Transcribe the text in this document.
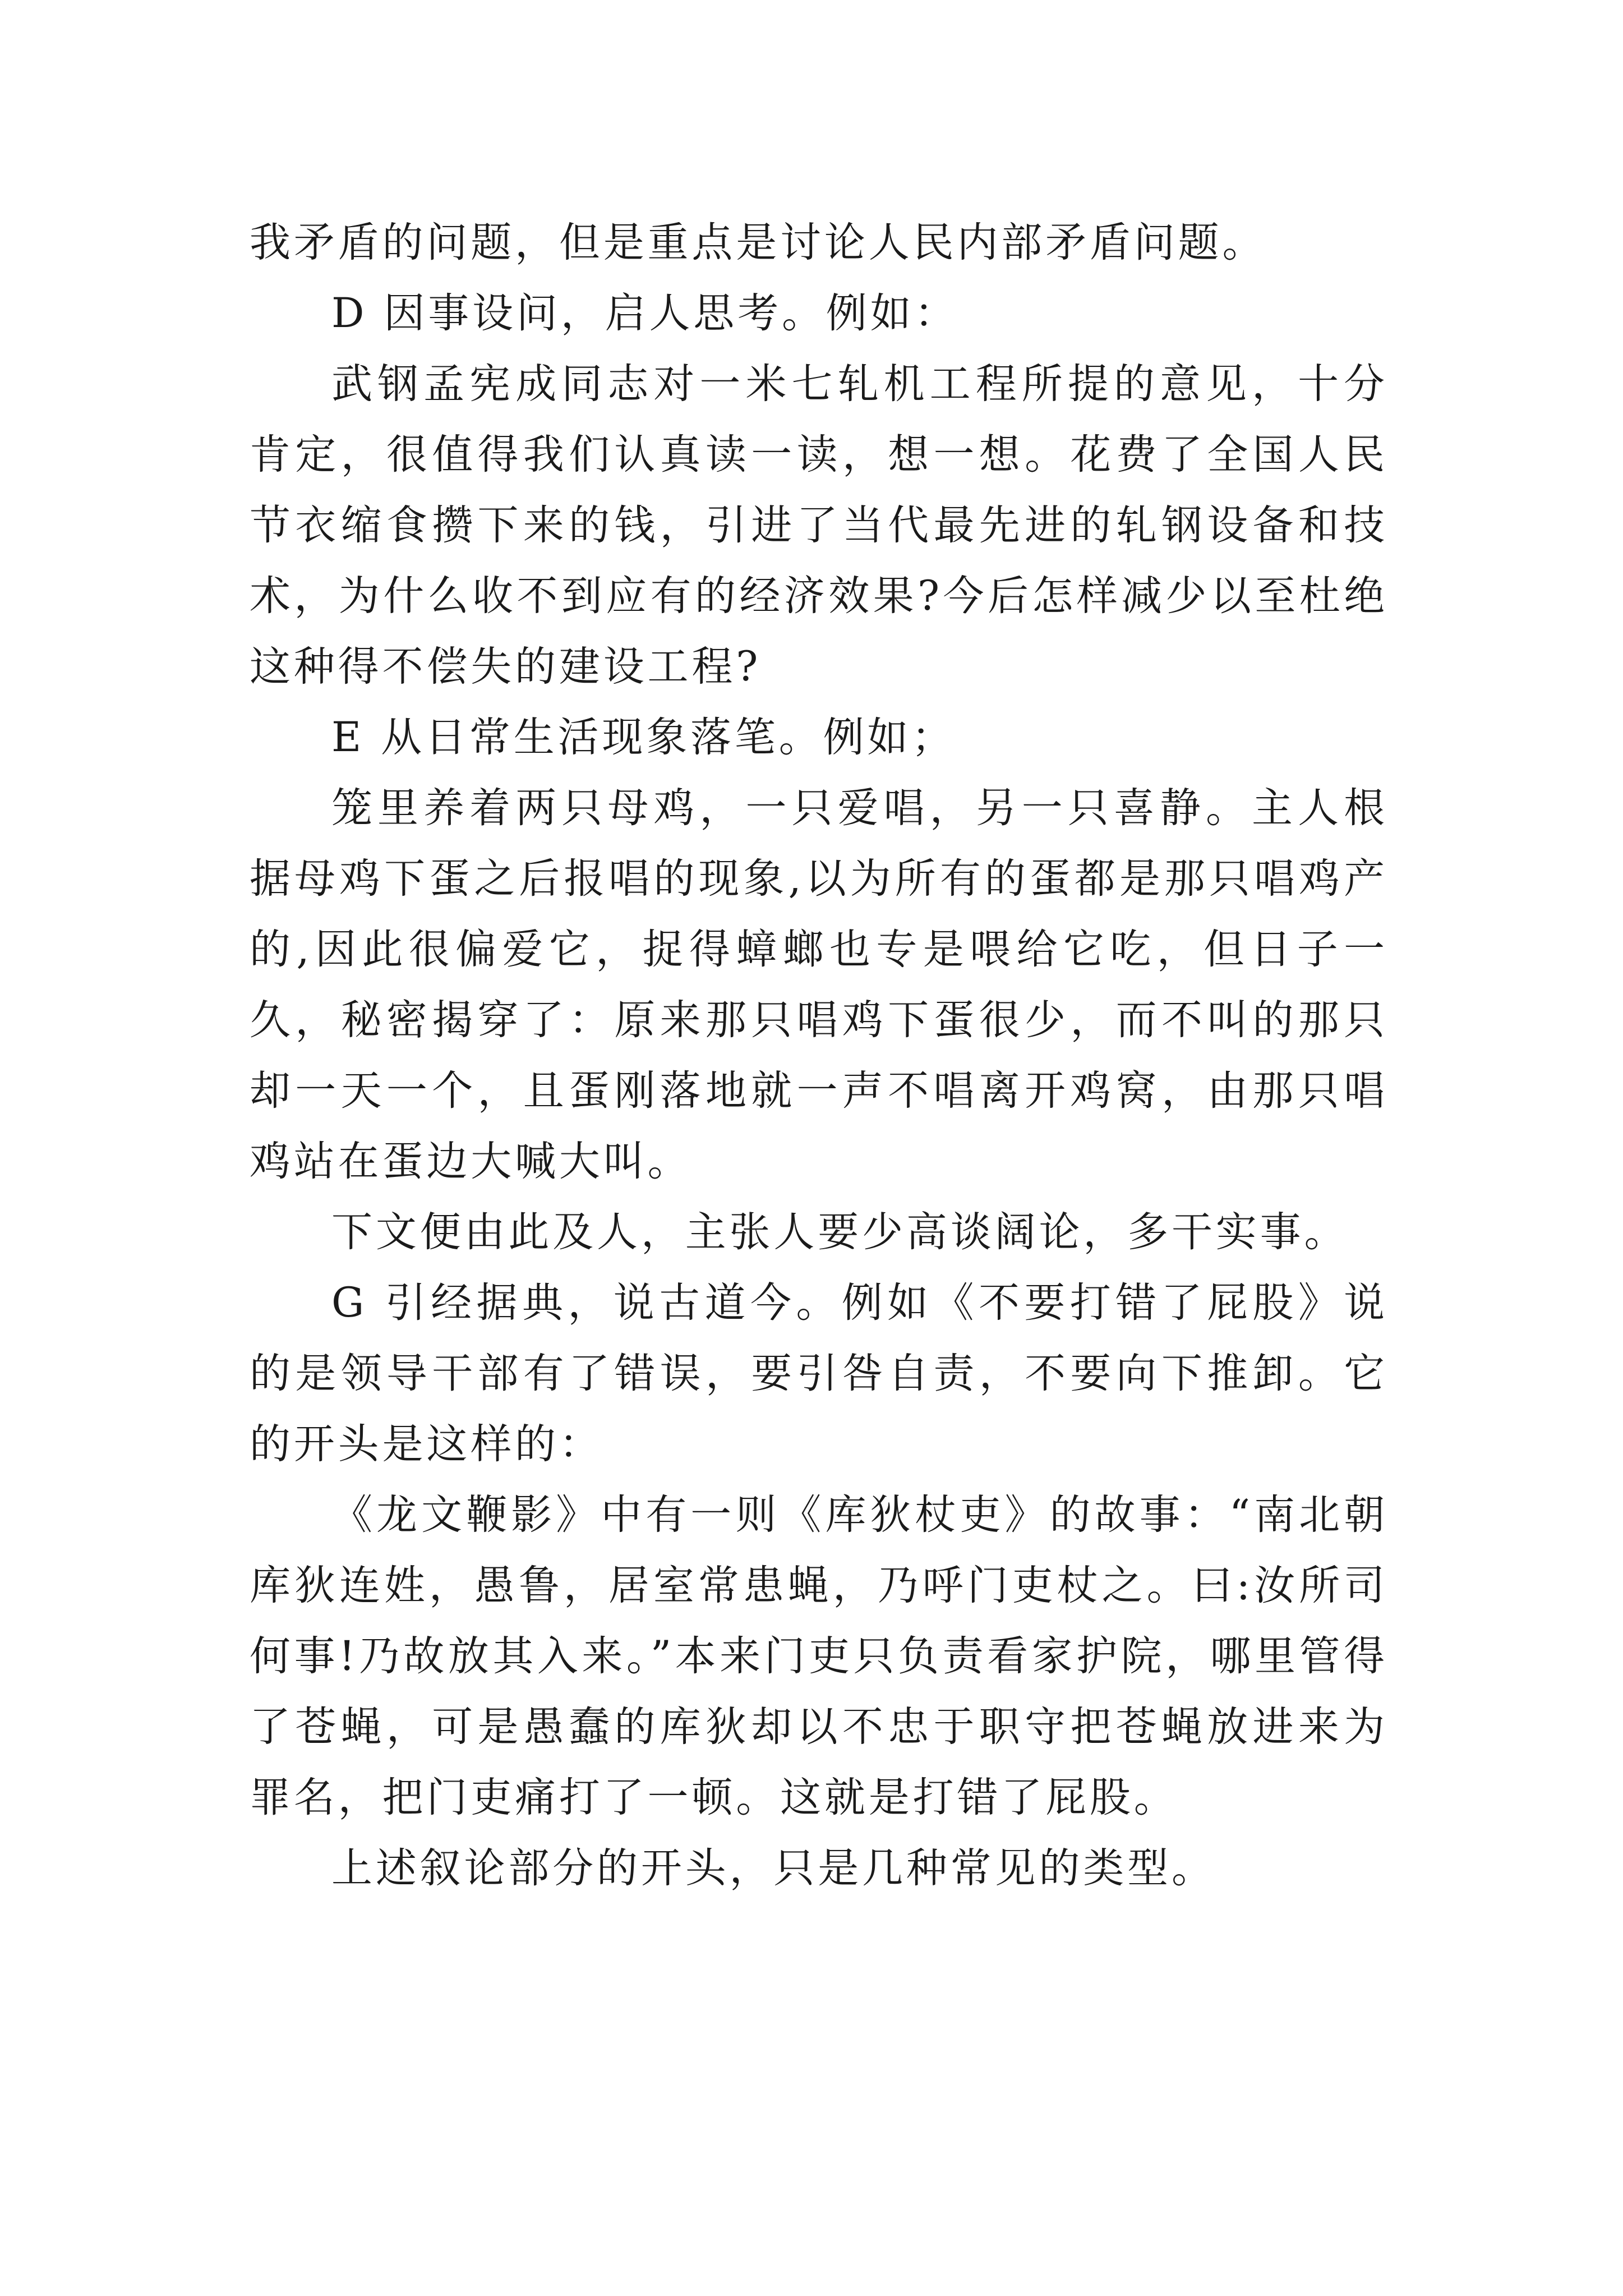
我矛盾的问题，但是重点是讨论人民内部矛盾问题。

D 因事设问，启人思考。例如：

武钢孟宪成同志对一米七轧机工程所提的意见，十分肯定，很值得我们认真读一读，想一想。花费了全国人民节衣缩食攒下来的钱，引进了当代最先进的轧钢设备和技术，为什么收不到应有的经济效果?今后怎样减少以至杜绝这种得不偿失的建设工程?

E 从日常生活现象落笔。例如；

笼里养着两只母鸡，一只爱唱，另一只喜静。主人根据母鸡下蛋之后报唱的现象,以为所有的蛋都是那只唱鸡产的,因此很偏爱它，捉得蟑螂也专是喂给它吃，但日子一久，秘密揭穿了：原来那只唱鸡下蛋很少，而不叫的那只却一天一个，且蛋刚落地就一声不唱离开鸡窝，由那只唱鸡站在蛋边大喊大叫。

下文便由此及人，主张人要少高谈阔论，多干实事。

G 引经据典，说古道今。例如《不要打错了屁股》说的是领导干部有了错误，要引咎自责，不要向下推卸。它的开头是这样的：

《龙文鞭影》中有一则《库狄杖吏》的故事：“南北朝库狄连姓，愚鲁，居室常患蝇，乃呼门吏杖之。曰:汝所司何事!乃故放其入来。”本来门吏只负责看家护院，哪里管得了苍蝇，可是愚蠢的库狄却以不忠于职守把苍蝇放进来为罪名，把门吏痛打了一顿。这就是打错了屁股。

上述叙论部分的开头，只是几种常见的类型。
